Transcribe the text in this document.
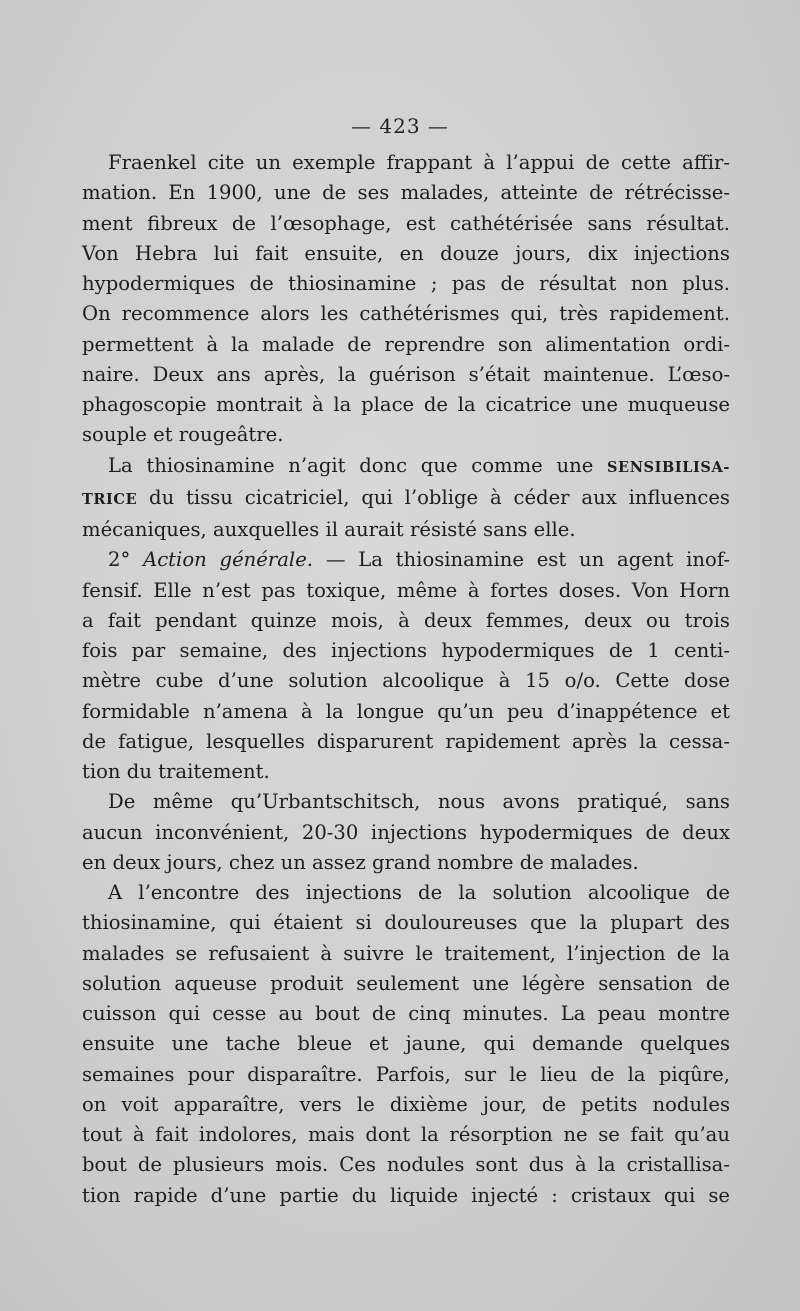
— 423 —

Fraenkel cite un exemple frappant à l’appui de cette affir-
mation. En 1900, une de ses malades, atteinte de rétrécisse-
ment fibreux de l’œsophage, est cathétérisée sans résultat.
Von Hebra lui fait ensuite, en douze jours, dix injections
hypodermiques de thiosinamine ; pas de résultat non plus.
On recommence alors les cathétérismes qui, très rapidement.
permettent à la malade de reprendre son alimentation ordi-
naire. Deux ans après, la guérison s’était maintenue. L’œso-
phagoscopie montrait à la place de la cicatrice une muqueuse
souple et rougeâtre.

La thiosinamine n’agit donc que comme une SENSIBILISA-
TRICE du tissu cicatriciel, qui l’oblige à céder aux influences
mécaniques, auxquelles il aurait résisté sans elle.

2° Action générale. — La thiosinamine est un agent inof-
fensif. Elle n’est pas toxique, même à fortes doses. Von Horn
a fait pendant quinze mois, à deux femmes, deux ou trois
fois par semaine, des injections hypodermiques de 1 centi-
mètre cube d’une solution alcoolique à 15 o/o. Cette dose
formidable n’amena à la longue qu’un peu d’inappétence et
de fatigue, lesquelles disparurent rapidement après la cessa-
tion du traitement.

De même qu’Urbantschitsch, nous avons pratiqué, sans
aucun inconvénient, 20-30 injections hypodermiques de deux
en deux jours, chez un assez grand nombre de malades.

A l’encontre des injections de la solution alcoolique de
thiosinamine, qui étaient si douloureuses que la plupart des
malades se refusaient à suivre le traitement, l’injection de la
solution aqueuse produit seulement une légère sensation de
cuisson qui cesse au bout de cinq minutes. La peau montre
ensuite une tache bleue et jaune, qui demande quelques
semaines pour disparaître. Parfois, sur le lieu de la piqûre,
on voit apparaître, vers le dixième jour, de petits nodules
tout à fait indolores, mais dont la résorption ne se fait qu’au
bout de plusieurs mois. Ces nodules sont dus à la cristallisa-
tion rapide d’une partie du liquide injecté : cristaux qui se
